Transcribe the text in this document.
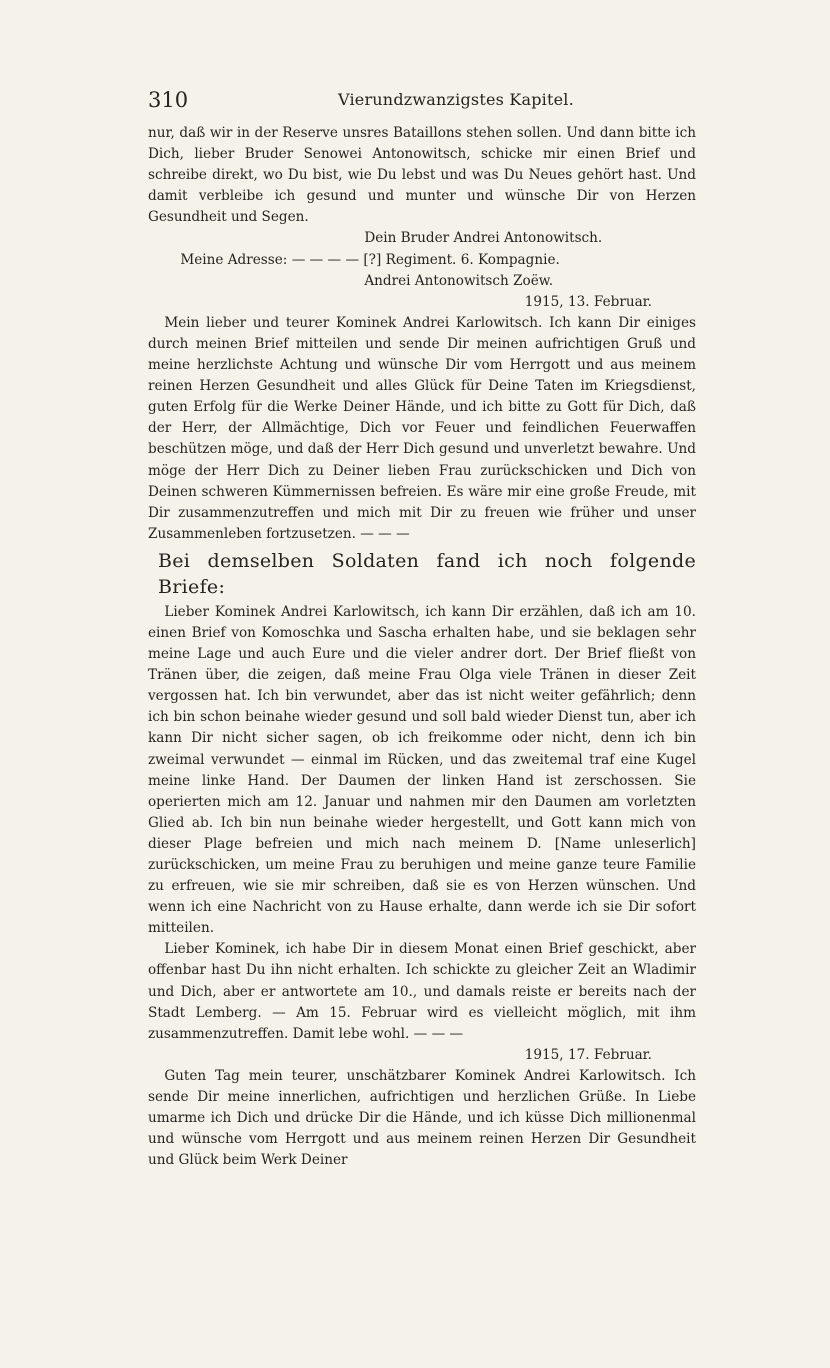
310	Vierundzwanzigstes Kapitel.

nur, daß wir in der Reserve unsres Bataillons stehen sollen. Und dann bitte ich Dich, lieber Bruder Senowei Antonowitsch, schicke mir einen Brief und schreibe direkt, wo Du bist, wie Du lebst und was Du Neues gehört hast. Und damit verbleibe ich gesund und munter und wünsche Dir von Herzen Gesundheit und Segen.

Dein Bruder Andrei Antonowitsch.

Meine Adresse: — — — — [?] Regiment. 6. Kompagnie.

Andrei Antonowitsch Zoëw.

1915, 13. Februar.

Mein lieber und teurer Kominek Andrei Karlowitsch. Ich kann Dir einiges durch meinen Brief mitteilen und sende Dir meinen aufrichtigen Gruß und meine herzlichste Achtung und wünsche Dir vom Herrgott und aus meinem reinen Herzen Gesundheit und alles Glück für Deine Taten im Kriegsdienst, guten Erfolg für die Werke Deiner Hände, und ich bitte zu Gott für Dich, daß der Herr, der Allmächtige, Dich vor Feuer und feindlichen Feuerwaffen beschützen möge, und daß der Herr Dich gesund und unverletzt bewahre. Und möge der Herr Dich zu Deiner lieben Frau zurückschicken und Dich von Deinen schweren Kümmernissen befreien. Es wäre mir eine große Freude, mit Dir zusammenzutreffen und mich mit Dir zu freuen wie früher und unser Zusammenleben fortzusetzen. — — —

Bei demselben Soldaten fand ich noch folgende Briefe:

Lieber Kominek Andrei Karlowitsch, ich kann Dir erzählen, daß ich am 10. einen Brief von Komoschka und Sascha erhalten habe, und sie beklagen sehr meine Lage und auch Eure und die vieler andrer dort. Der Brief fließt von Tränen über, die zeigen, daß meine Frau Olga viele Tränen in dieser Zeit vergossen hat. Ich bin verwundet, aber das ist nicht weiter gefährlich; denn ich bin schon beinahe wieder gesund und soll bald wieder Dienst tun, aber ich kann Dir nicht sicher sagen, ob ich freikomme oder nicht, denn ich bin zweimal verwundet — einmal im Rücken, und das zweitemal traf eine Kugel meine linke Hand. Der Daumen der linken Hand ist zerschossen. Sie operierten mich am 12. Januar und nahmen mir den Daumen am vorletzten Glied ab. Ich bin nun beinahe wieder hergestellt, und Gott kann mich von dieser Plage befreien und mich nach meinem D. [Name unleserlich] zurückschicken, um meine Frau zu beruhigen und meine ganze teure Familie zu erfreuen, wie sie mir schreiben, daß sie es von Herzen wünschen. Und wenn ich eine Nachricht von zu Hause erhalte, dann werde ich sie Dir sofort mitteilen.

Lieber Kominek, ich habe Dir in diesem Monat einen Brief geschickt, aber offenbar hast Du ihn nicht erhalten. Ich schickte zu gleicher Zeit an Wladimir und Dich, aber er antwortete am 10., und damals reiste er bereits nach der Stadt Lemberg. — Am 15. Februar wird es vielleicht möglich, mit ihm zusammenzutreffen. Damit lebe wohl. — — —

1915, 17. Februar.

Guten Tag mein teurer, unschätzbarer Kominek Andrei Karlowitsch. Ich sende Dir meine innerlichen, aufrichtigen und herzlichen Grüße. In Liebe umarme ich Dich und drücke Dir die Hände, und ich küsse Dich millionenmal und wünsche vom Herrgott und aus meinem reinen Herzen Dir Gesundheit und Glück beim Werk Deiner
